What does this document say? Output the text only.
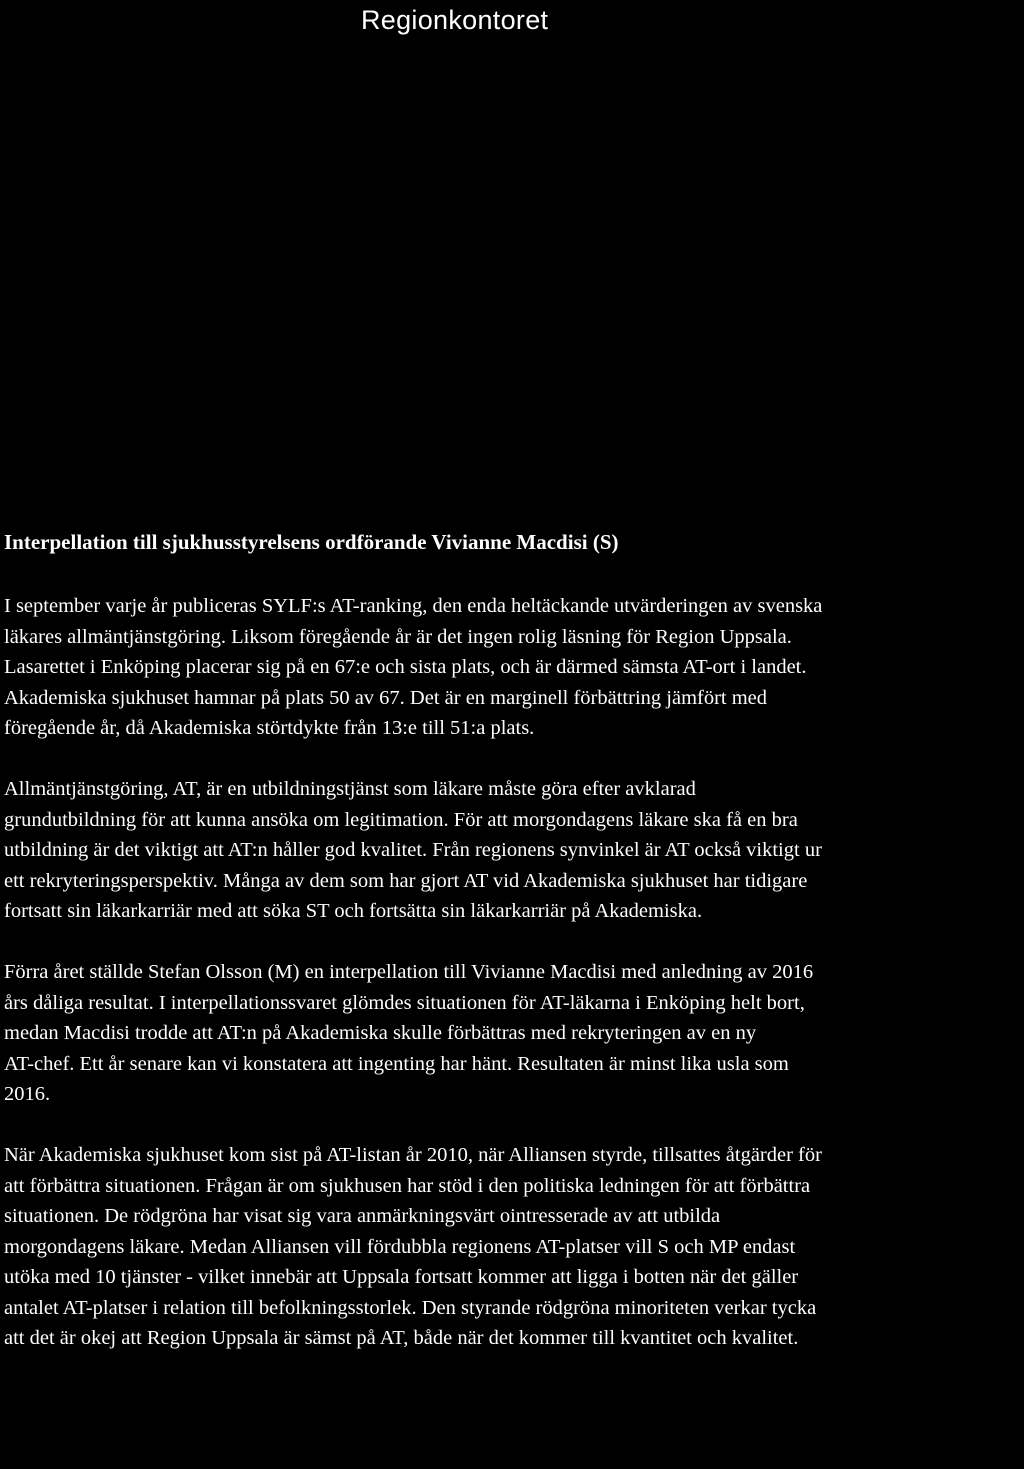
Regionkontoret
Interpellation till sjukhusstyrelsens ordförande Vivianne Macdisi (S)
I september varje år publiceras SYLF:s AT-ranking, den enda heltäckande utvärderingen av svenska
läkares allmäntjänstgöring. Liksom föregående år är det ingen rolig läsning för Region Uppsala.
Lasarettet i Enköping placerar sig på en 67:e och sista plats, och är därmed sämsta AT-ort i landet.
Akademiska sjukhuset hamnar på plats 50 av 67. Det är en marginell förbättring jämfört med
föregående år, då Akademiska störtdykte från 13:e till 51:a plats.
Allmäntjänstgöring, AT, är en utbildningstjänst som läkare måste göra efter avklarad
grundutbildning för att kunna ansöka om legitimation. För att morgondagens läkare ska få en bra
utbildning är det viktigt att AT:n håller god kvalitet. Från regionens synvinkel är AT också viktigt ur
ett rekryteringsperspektiv. Många av dem som har gjort AT vid Akademiska sjukhuset har tidigare
fortsatt sin läkarkarriär med att söka ST och fortsätta sin läkarkarriär på Akademiska.
Förra året ställde Stefan Olsson (M) en interpellation till Vivianne Macdisi med anledning av 2016
års dåliga resultat. I interpellationssvaret glömdes situationen för AT-läkarna i Enköping helt bort,
medan Macdisi trodde att AT:n på Akademiska skulle förbättras med rekryteringen av en ny
AT-chef. Ett år senare kan vi konstatera att ingenting har hänt. Resultaten är minst lika usla som
2016.
När Akademiska sjukhuset kom sist på AT-listan år 2010, när Alliansen styrde, tillsattes åtgärder för
att förbättra situationen. Frågan är om sjukhusen har stöd i den politiska ledningen för att förbättra
situationen. De rödgröna har visat sig vara anmärkningsvärt ointresserade av att utbilda
morgondagens läkare. Medan Alliansen vill fördubbla regionens AT-platser vill S och MP endast
utöka med 10 tjänster - vilket innebär att Uppsala fortsatt kommer att ligga i botten när det gäller
antalet AT-platser i relation till befolkningsstorlek. Den styrande rödgröna minoriteten verkar tycka
att det är okej att Region Uppsala är sämst på AT, både när det kommer till kvantitet och kvalitet.
